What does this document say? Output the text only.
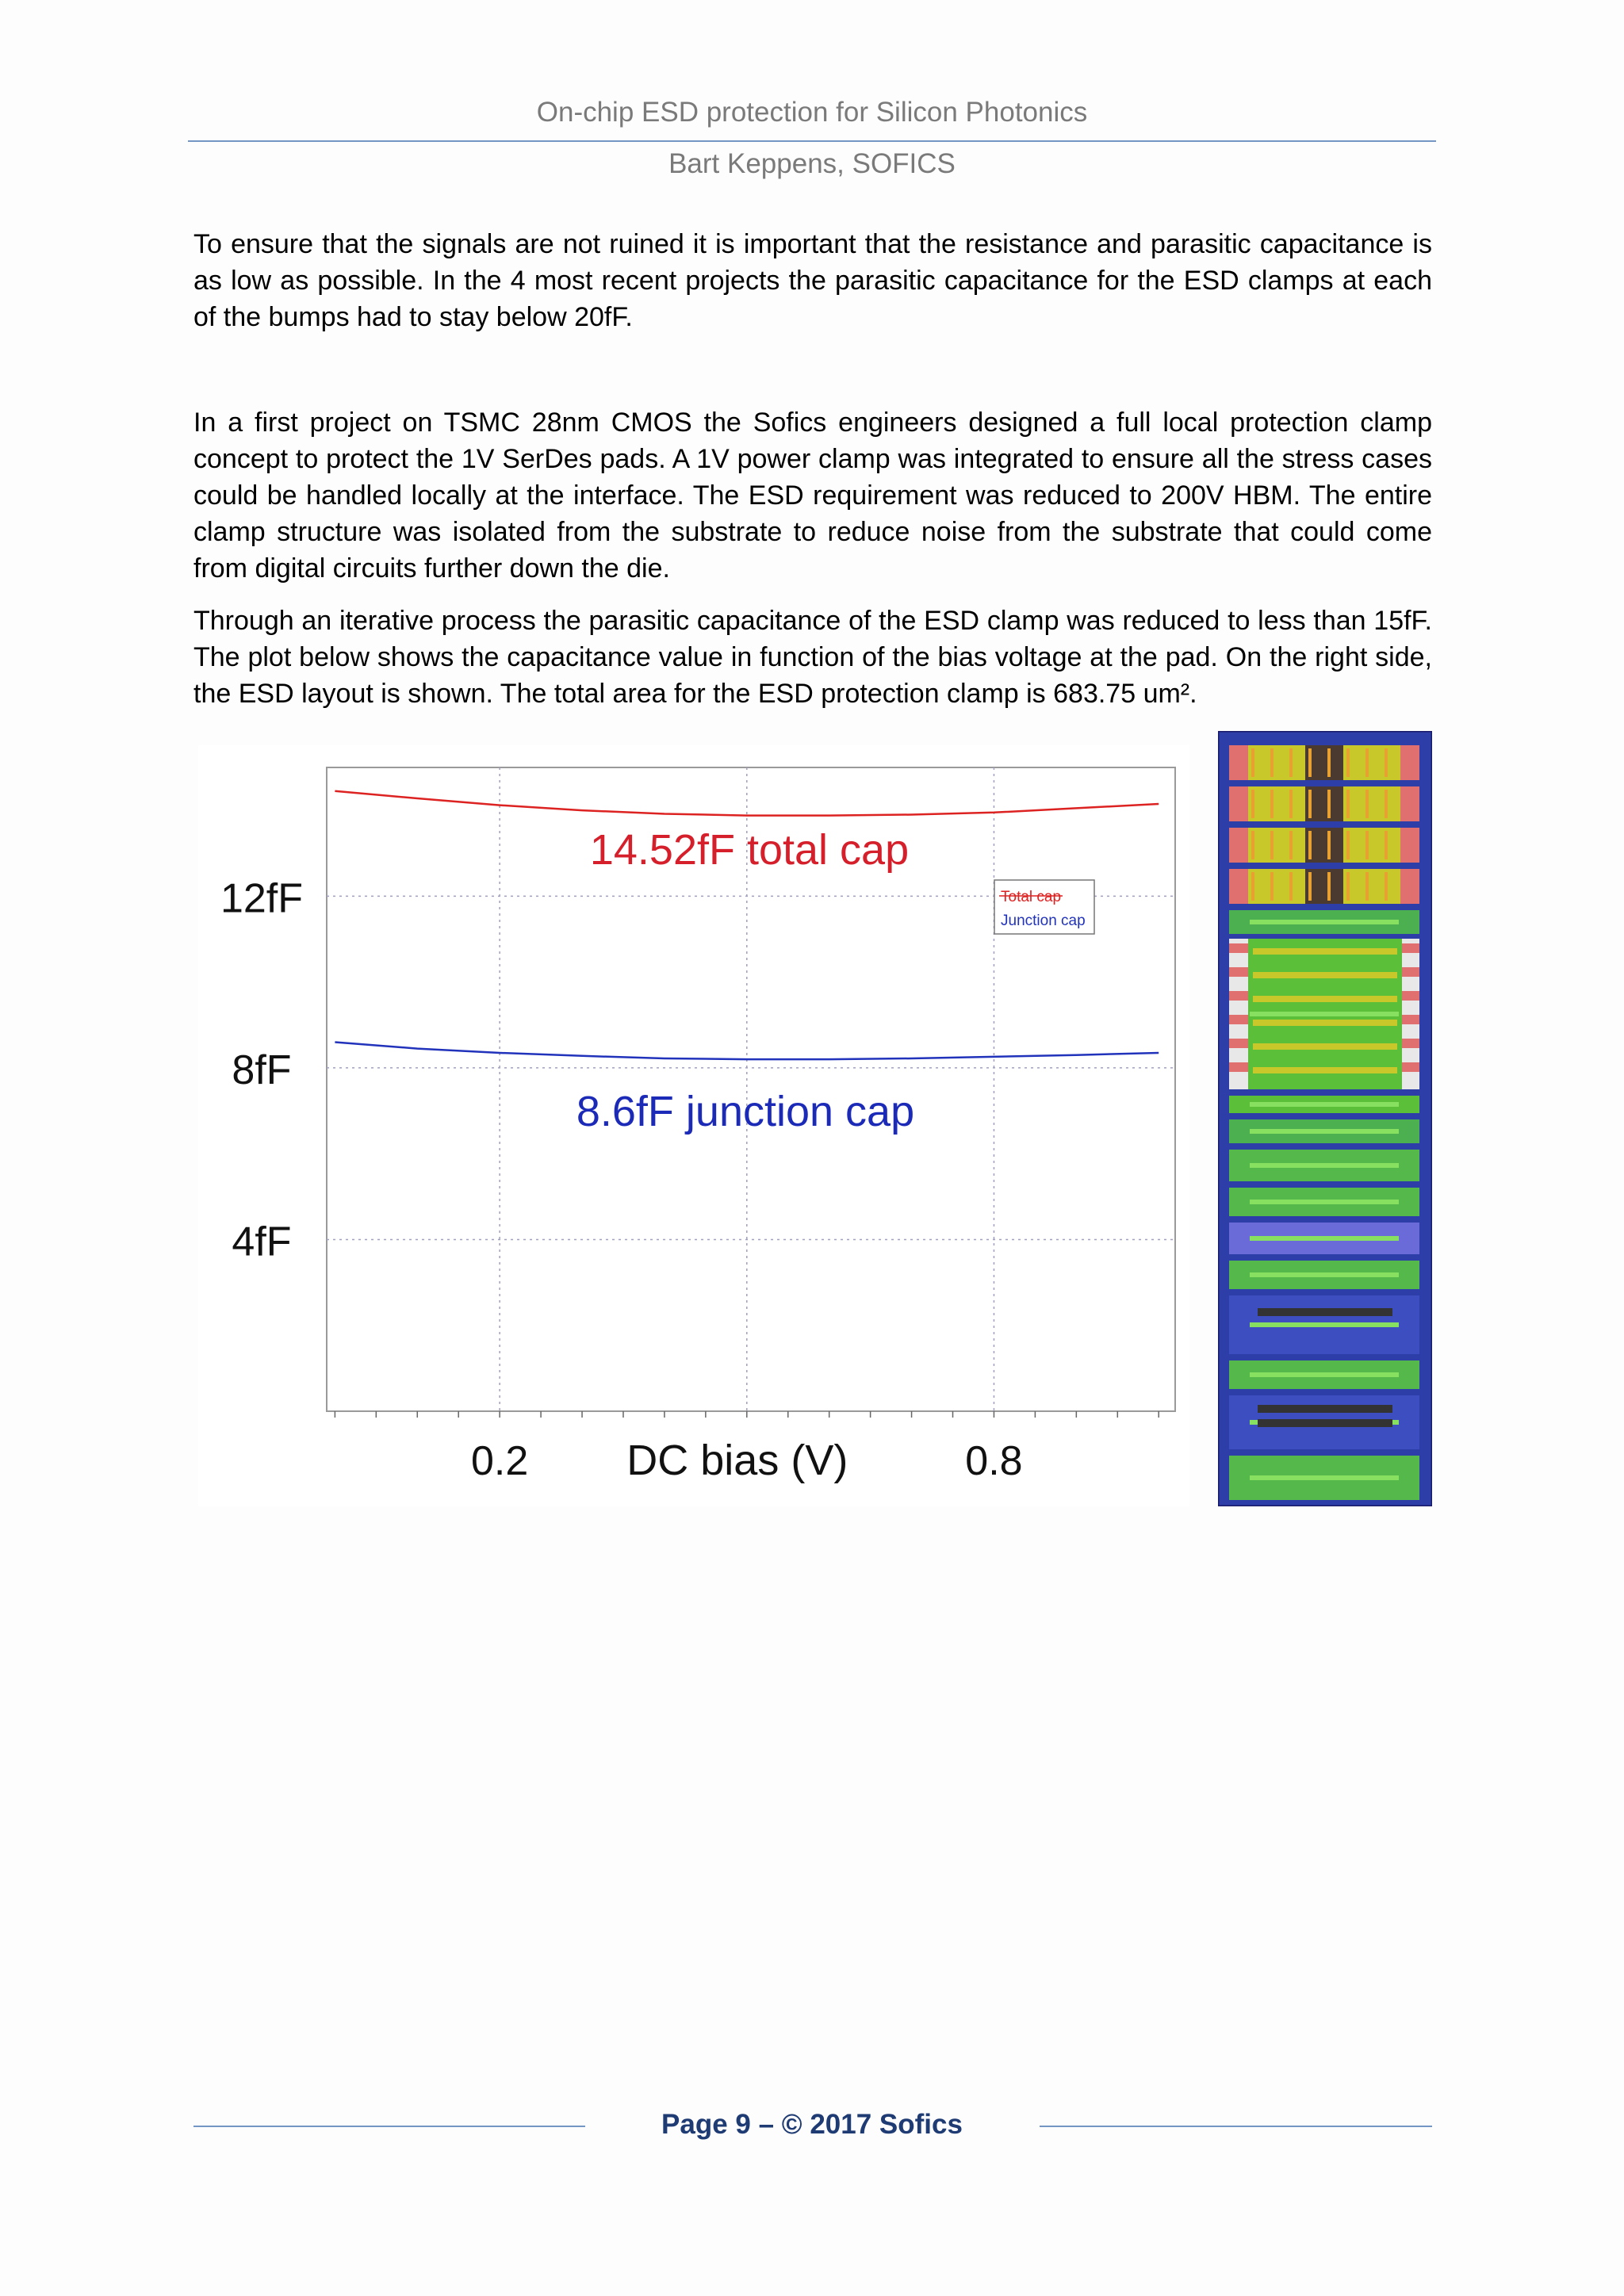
On-chip ESD protection for Silicon Photonics
Bart Keppens, SOFICS

To ensure that the signals are not ruined it is important that the resistance and parasitic capacitance is as low as possible. In the 4 most recent projects the parasitic capacitance for the ESD clamps at each of the bumps had to stay below 20fF.

In a first project on TSMC 28nm CMOS the Sofics engineers designed a full local protection clamp concept to protect the 1V SerDes pads. A 1V power clamp was integrated to ensure all the stress cases could be handled locally at the interface. The ESD requirement was reduced to 200V HBM. The entire clamp structure was isolated from the substrate to reduce noise from the substrate that could come from digital circuits further down the die.

Through an iterative process the parasitic capacitance of the ESD clamp was reduced to less than 15fF. The plot below shows the capacitance value in function of the bias voltage at the pad. On the right side, the ESD layout is shown. The total area for the ESD protection clamp is 683.75 um².

4fF
8fF
12fF
0.2	0.8
DC bias (V)
14.52fF total cap
8.6fF junction cap
Total cap
Junction cap
Page 9 – © 2017 Sofics
